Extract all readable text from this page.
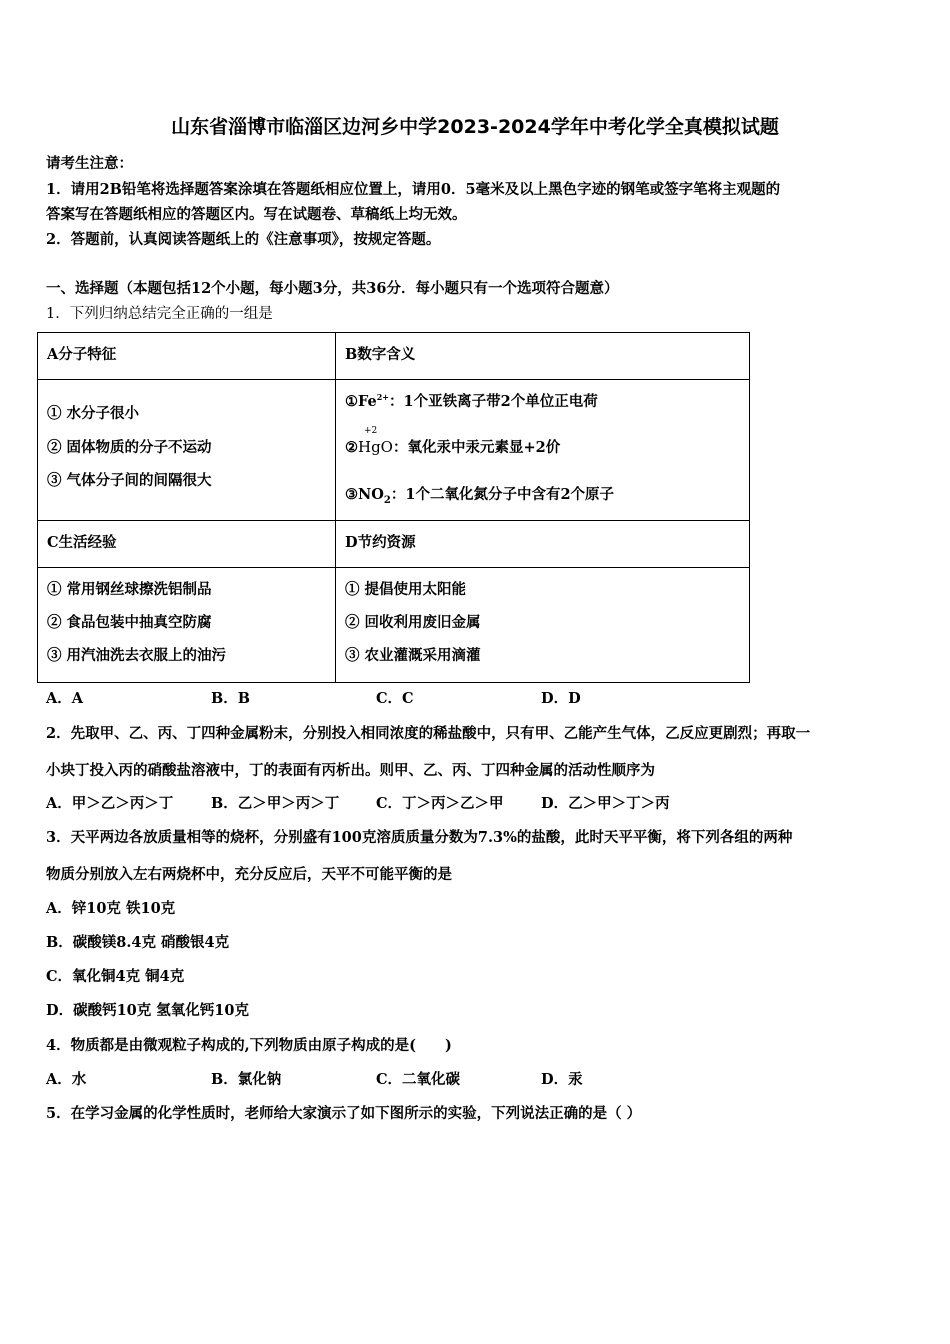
山东省淄博市临淄区边河乡中学2023-2024学年中考化学全真模拟试题
请考生注意：
1．请用2B铅笔将选择题答案涂填在答题纸相应位置上，请用0．5毫米及以上黑色字迹的钢笔或签字笔将主观题的
答案写在答题纸相应的答题区内。写在试题卷、草稿纸上均无效。
2．答题前，认真阅读答题纸上的《注意事项》，按规定答题。
一、选择题（本题包括12个小题，每小题3分，共36分．每小题只有一个选项符合题意）
1．下列归纳总结完全正确的一组是
A分子特征	B数字含义

① 水分子很小
② 固体物质的分子不运动
③ 气体分子间的间隔很大	$①Fe^{2+}$：1个亚铁离子带2个单位正电荷
②
+2
HgO：氧化汞中汞元素显+2价
$③NO_2$：1个二氧化氮分子中含有2个原子

C生活经验	D节约资源

① 常用钢丝球擦洗铝制品
② 食品包装中抽真空防腐
③ 用汽油洗去衣服上的油污	① 提倡使用太阳能
② 回收利用废旧金属
③ 农业灌溉采用滴灌
A．A	B．B	C．C	D．D
2．先取甲、乙、丙、丁四种金属粉末，分别投入相同浓度的稀盐酸中，只有甲、乙能产生气体，乙反应更剧烈；再取一
小块丁投入丙的硝酸盐溶液中，丁的表面有丙析出。则甲、乙、丙、丁四种金属的活动性顺序为
A．甲＞乙＞丙＞丁	B．乙＞甲＞丙＞丁	C．丁＞丙＞乙＞甲	D．乙＞甲＞丁＞丙
3．天平两边各放质量相等的烧杯，分别盛有100克溶质质量分数为7.3%的盐酸，此时天平平衡，将下列各组的两种
物质分别放入左右两烧杯中，充分反应后，天平不可能平衡的是
A．锌10克 铁10克
B．碳酸镁8.4克 硝酸银4克
C．氧化铜4克 铜4克
D．碳酸钙10克 氢氧化钙10克
4．物质都是由微观粒子构成的,下列物质由原子构成的是(　　)
A．水	B．氯化钠	C．二氧化碳	D．汞
5．在学习金属的化学性质时，老师给大家演示了如下图所示的实验，下列说法正确的是（ ）
